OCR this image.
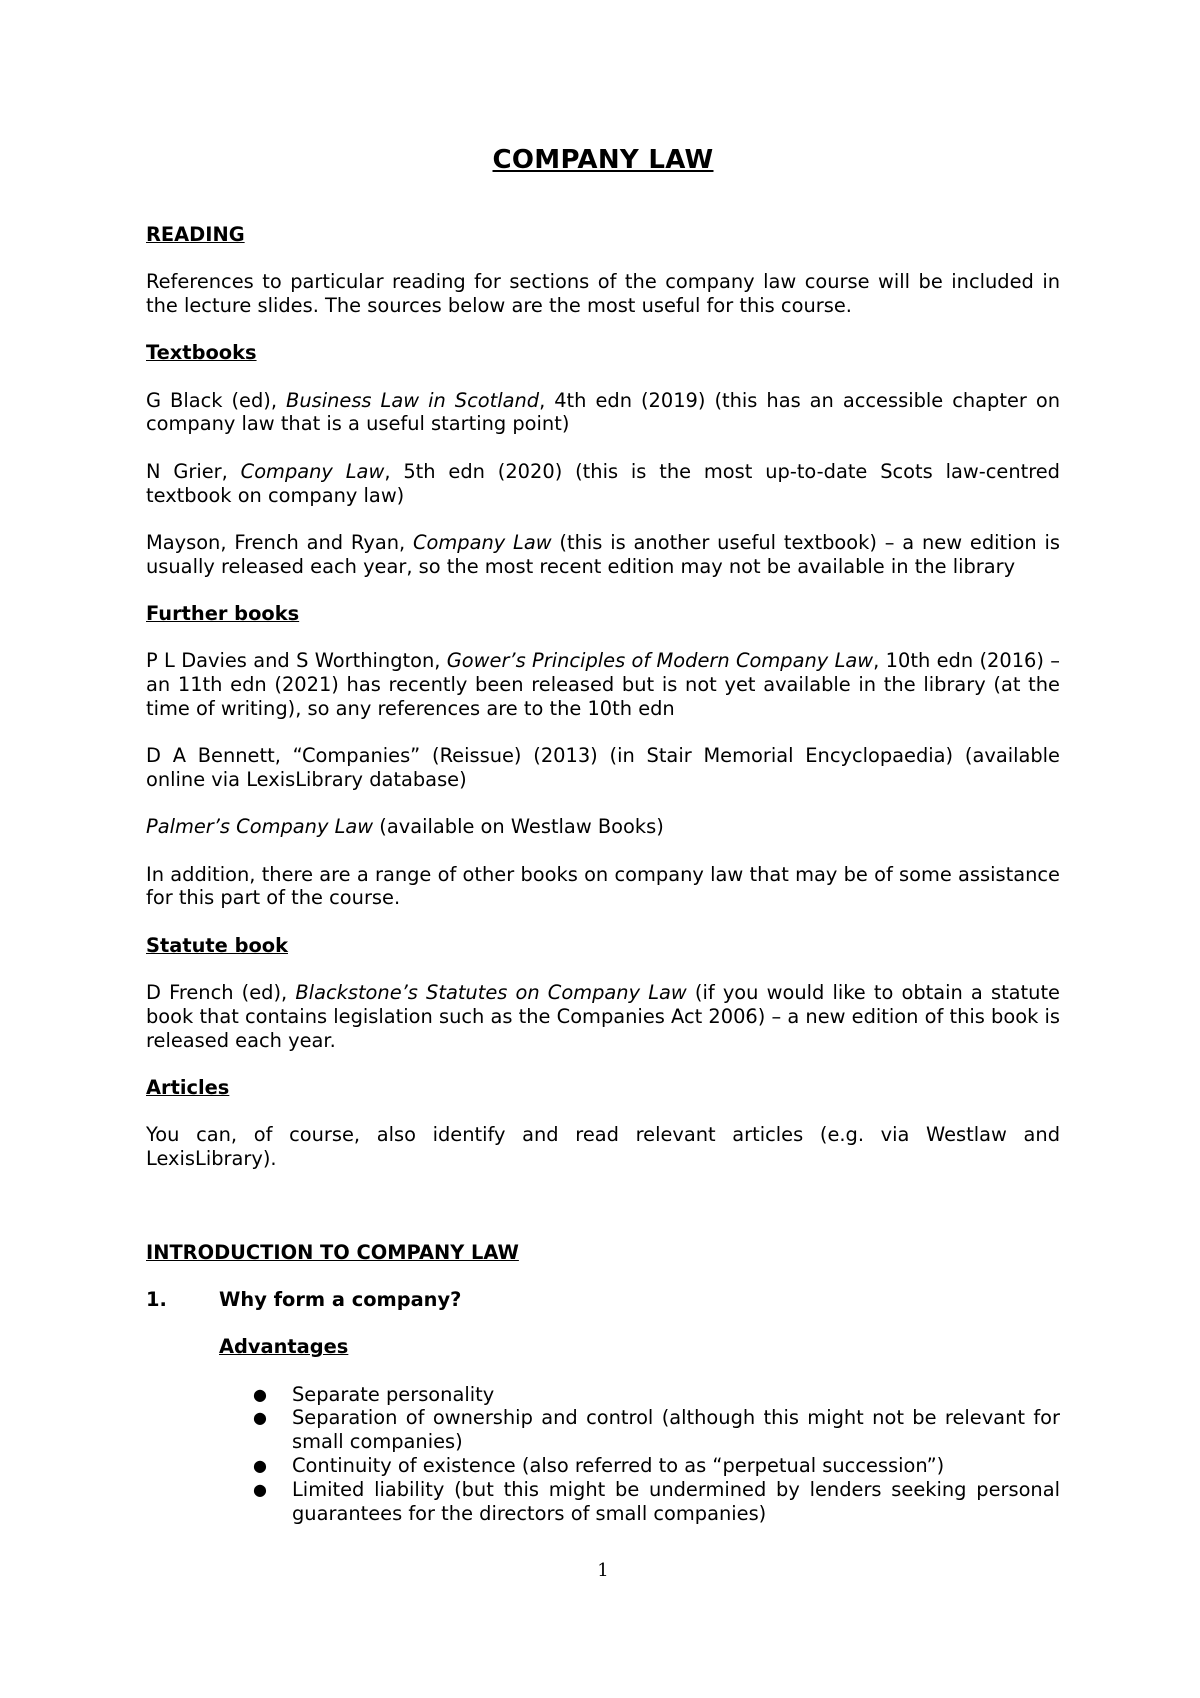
COMPANY LAW

READING

References to particular reading for sections of the company law course will be included in the lecture slides. The sources below are the most useful for this course.

Textbooks

G Black (ed), Business Law in Scotland, 4th edn (2019) (this has an accessible chapter on company law that is a useful starting point)

N Grier, Company Law, 5th edn (2020) (this is the most up-to-date Scots law-centred textbook on company law)

Mayson, French and Ryan, Company Law (this is another useful textbook) – a new edition is usually released each year, so the most recent edition may not be available in the library

Further books

P L Davies and S Worthington, Gower’s Principles of Modern Company Law, 10th edn (2016) – an 11th edn (2021) has recently been released but is not yet available in the library (at the time of writing), so any references are to the 10th edn

D A Bennett, “Companies” (Reissue) (2013) (in Stair Memorial Encyclopaedia) (available online via LexisLibrary database)

Palmer’s Company Law (available on Westlaw Books)

In addition, there are a range of other books on company law that may be of some assistance for this part of the course.

Statute book

D French (ed), Blackstone’s Statutes on Company Law (if you would like to obtain a statute book that contains legislation such as the Companies Act 2006) – a new edition of this book is released each year.

Articles

You can, of course, also identify and read relevant articles (e.g. via Westlaw and LexisLibrary).

INTRODUCTION TO COMPANY LAW

1.	Why form a company?

Advantages

● Separate personality
● Separation of ownership and control (although this might not be relevant for small companies)
● Continuity of existence (also referred to as “perpetual succession”)
● Limited liability (but this might be undermined by lenders seeking personal guarantees for the directors of small companies)
1
